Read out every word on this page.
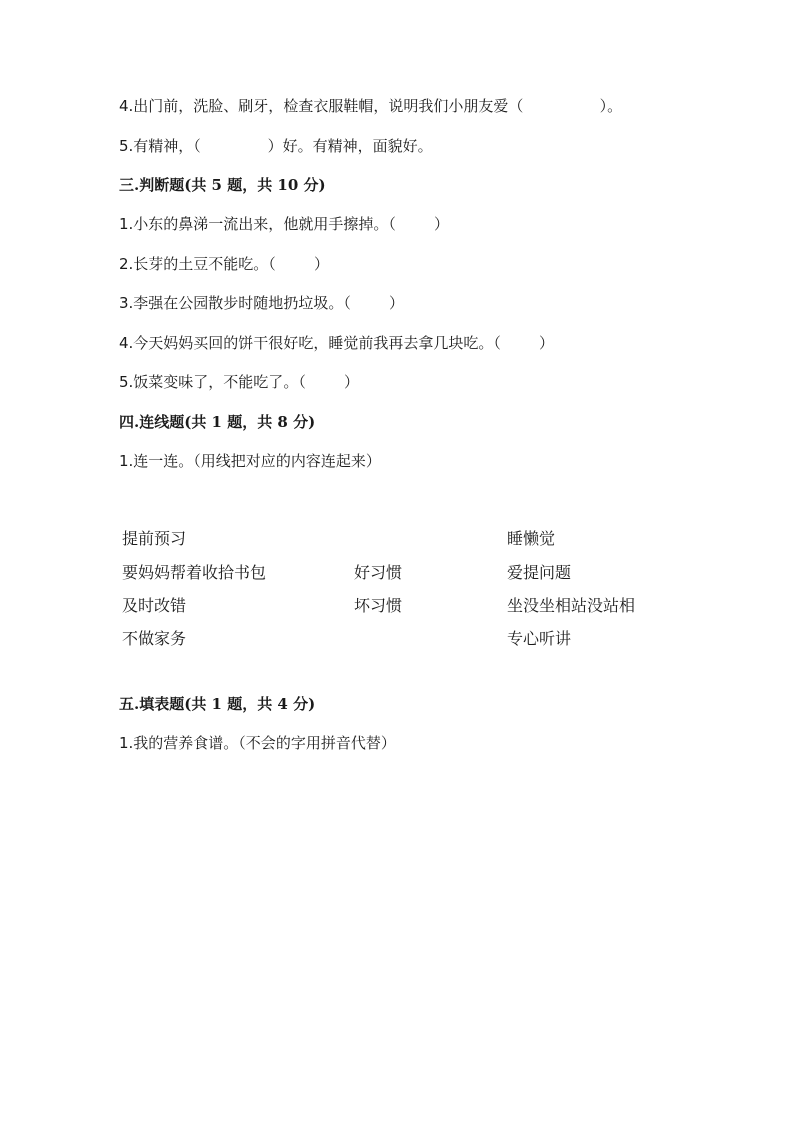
4.出门前，洗脸、刷牙，检查衣服鞋帽，说明我们小朋友爱（                ）。
5.有精神，（              ）好。有精神，面貌好。
三.判断题(共 5 题，共 10 分)
1.小东的鼻涕一流出来，他就用手擦掉。（        ）
2.长芽的土豆不能吃。（        ）
3.李强在公园散步时随地扔垃圾。（        ）
4.今天妈妈买回的饼干很好吃，睡觉前我再去拿几块吃。（        ）
5.饭菜变味了，不能吃了。（        ）
四.连线题(共 1 题，共 8 分)
1.连一连。（用线把对应的内容连起来）
提前预习
要妈妈帮着收拾书包
及时改错
不做家务
好习惯
坏习惯
睡懒觉
爱提问题
坐没坐相站没站相
专心听讲
五.填表题(共 1 题，共 4 分)
1.我的营养食谱。（不会的字用拼音代替）
